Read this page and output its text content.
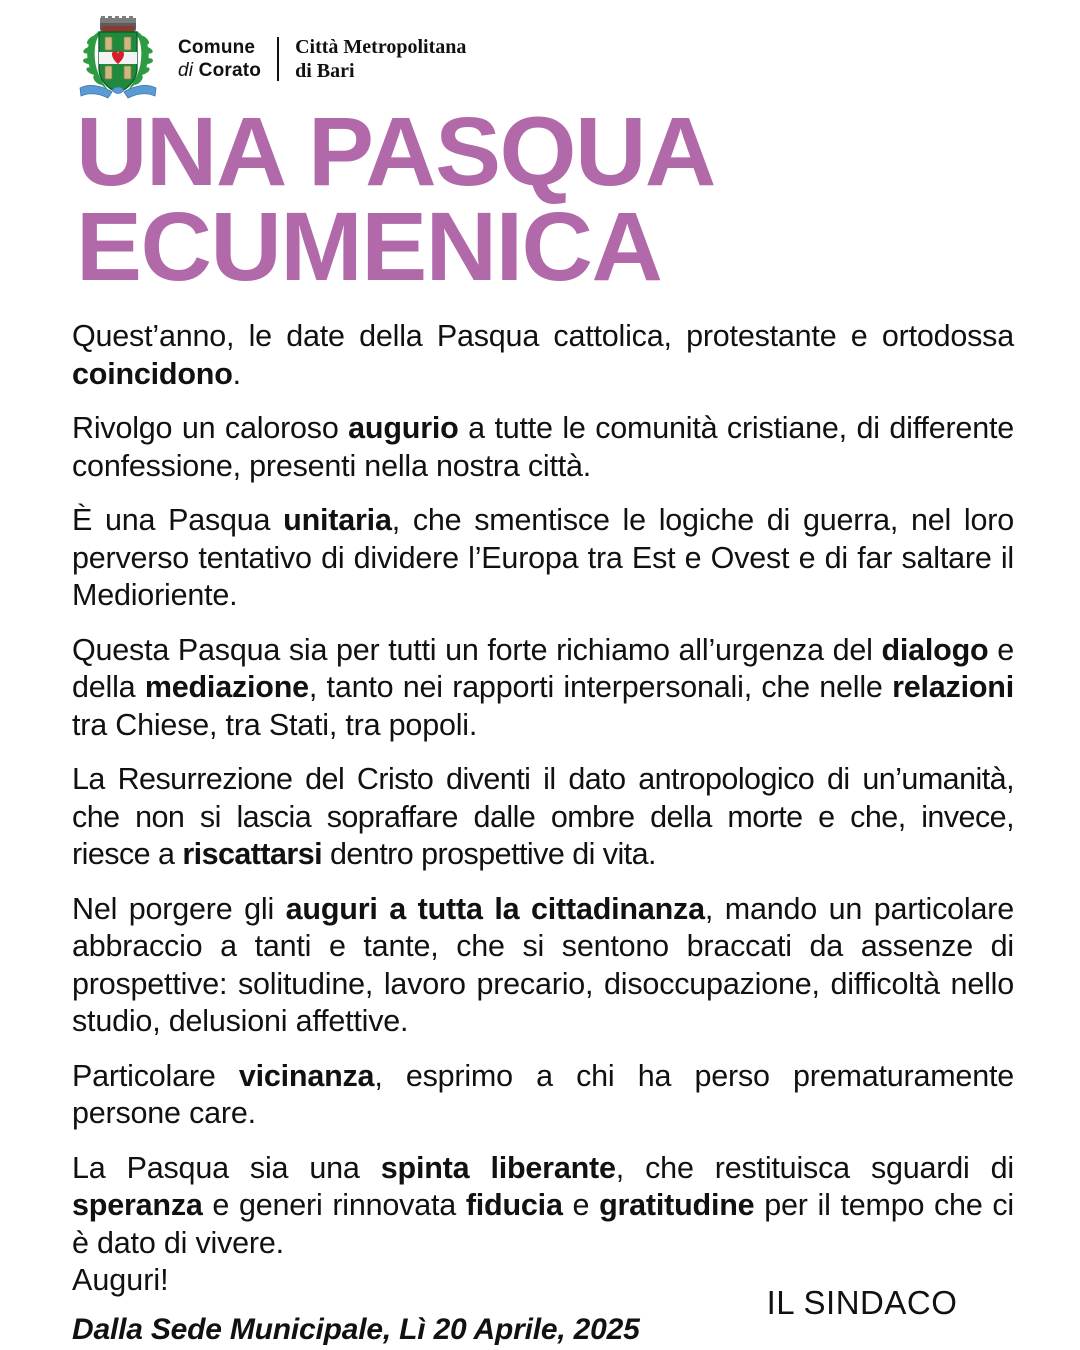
Comune
di Corato
Città Metropolitana
di Bari
UNA PASQUA
ECUMENICA
Quest’anno, le date della Pasqua cattolica, protestante e ortodossa coincidono.
Rivolgo un caloroso augurio a tutte le comunità cristiane, di differente confessione, presenti nella nostra città.
È una Pasqua unitaria, che smentisce le logiche di guerra, nel loro perverso tentativo di dividere l’Europa tra Est e Ovest e di far saltare il Medioriente.
Questa Pasqua sia per tutti un forte richiamo all’urgenza del dialogo e della mediazione, tanto nei rapporti interpersonali, che nelle relazioni tra Chiese, tra Stati, tra popoli.
La Resurrezione del Cristo diventi il dato antropologico di un’umanità, che non si lascia sopraffare dalle ombre della morte e che, invece, riesce a riscattarsi dentro prospettive di vita.
Nel porgere gli auguri a tutta la cittadinanza, mando un particolare abbraccio a tanti e tante, che si sentono braccati da assenze di prospettive: solitudine, lavoro precario, disoccupazione, difficoltà nello studio, delusioni affettive.
Particolare vicinanza, esprimo a chi ha perso prematuramente persone care.
La Pasqua sia una spinta liberante, che restituisca sguardi di speranza e generi rinnovata fiducia e gratitudine per il tempo che ci è dato di vivere.
Auguri!
Dalla Sede Municipale, Lì 20 Aprile, 2025
IL SINDACO
